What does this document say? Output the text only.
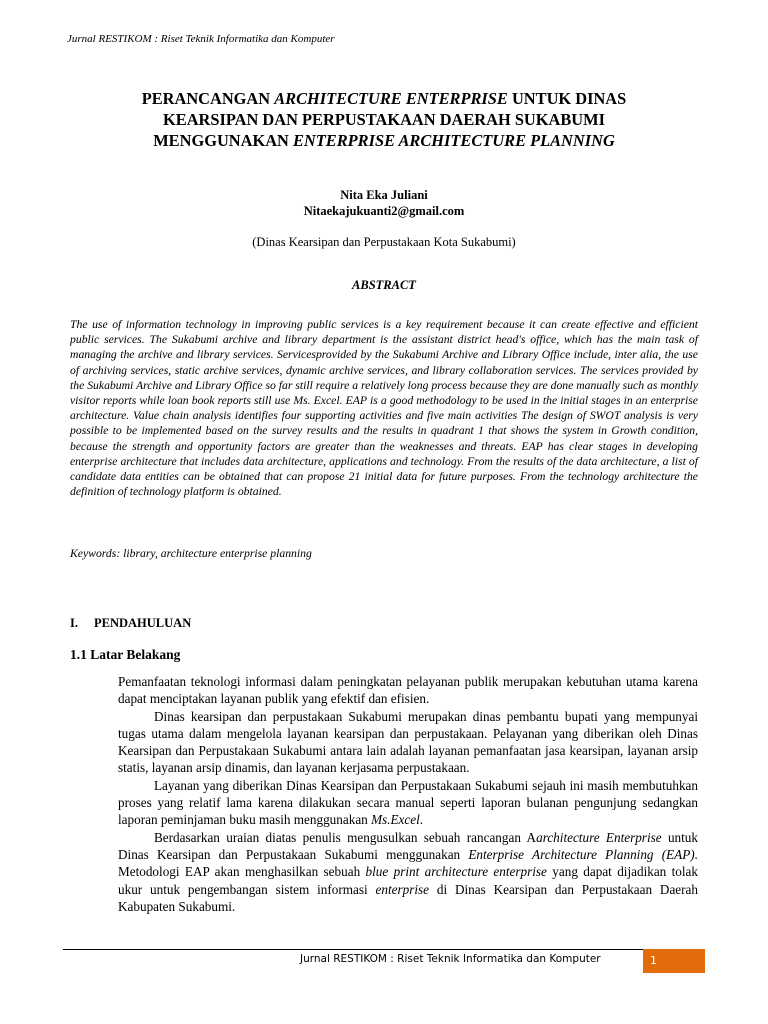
Jurnal RESTIKOM : Riset Teknik Informatika dan Komputer
PERANCANGAN ARCHITECTURE ENTERPRISE UNTUK DINAS
KEARSIPAN DAN PERPUSTAKAAN DAERAH SUKABUMI
MENGGUNAKAN ENTERPRISE ARCHITECTURE PLANNING
Nita Eka Juliani
Nitaekajukuanti2@gmail.com
(Dinas Kearsipan dan Perpustakaan Kota Sukabumi)
ABSTRACT

The use of information technology in improving public services is a key requirement because it can create effective and efficient public services. The Sukabumi archive and library department is the assistant district head's office, which has the main task of managing the archive and library services. Servicesprovided by the Sukabumi Archive and Library Office include, inter alia, the use of archiving services, static archive services, dynamic archive services, and library collaboration services. The services provided by the Sukabumi Archive and Library Office so far still require a relatively long process because they are done manually such as monthly visitor reports while loan book reports still use Ms. Excel. EAP is a good methodology to be used in the initial stages in an enterprise architecture. Value chain analysis identifies four supporting activities and five main activities The design of SWOT analysis is very possible to be implemented based on the survey results and the results in quadrant 1 that shows the system in Growth condition, because the strength and opportunity factors are greater than the weaknesses and threats. EAP has clear stages in developing enterprise architecture that includes data architecture, applications and technology. From the results of the data architecture, a list of candidate data entities can be obtained that can propose 21 initial data for future purposes. From the technology architecture the definition of technology platform is obtained.

Keywords: library, architecture enterprise planning

I. PENDAHULUAN
1.1 Latar Belakang

Pemanfaatan teknologi informasi dalam peningkatan pelayanan publik merupakan kebutuhan utama karena dapat menciptakan layanan publik yang efektif dan efisien.

Dinas kearsipan dan perpustakaan Sukabumi merupakan dinas pembantu bupati yang mempunyai tugas utama dalam mengelola layanan kearsipan dan perpustakaan. Pelayanan yang diberikan oleh Dinas Kearsipan dan Perpustakaan Sukabumi antara lain adalah layanan pemanfaatan jasa kearsipan, layanan arsip statis, layanan arsip dinamis, dan layanan kerjasama perpustakaan.

Layanan yang diberikan Dinas Kearsipan dan Perpustakaan Sukabumi sejauh ini masih membutuhkan proses yang relatif lama karena dilakukan secara manual seperti laporan bulanan pengunjung sedangkan laporan peminjaman buku masih menggunakan Ms.Excel.

Berdasarkan uraian diatas penulis mengusulkan sebuah rancangan Aarchitecture Enterprise untuk Dinas Kearsipan dan Perpustakaan Sukabumi menggunakan Enterprise Architecture Planning (EAP). Metodologi EAP akan menghasilkan sebuah blue print architecture enterprise yang dapat dijadikan tolak ukur untuk pengembangan sistem informasi enterprise di Dinas Kearsipan dan Perpustakaan Daerah Kabupaten Sukabumi.

Jurnal RESTIKOM : Riset Teknik Informatika dan Komputer	1
